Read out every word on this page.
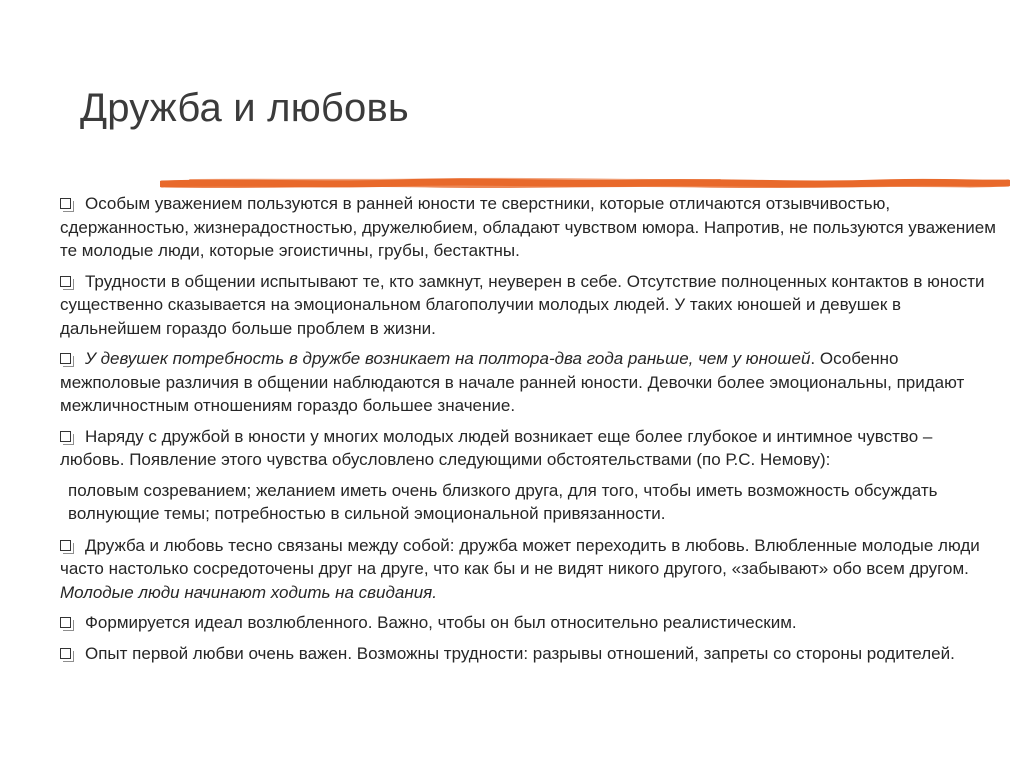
Дружба и любовь
Особым уважением пользуются в ранней юности те сверстники, которые отличаются отзывчивостью, сдержанностью, жизнерадостностью, дружелюбием, обладают чувством юмора. Напротив, не пользуются уважением те молодые люди, которые эгоистичны, грубы, бестактны.
Трудности в общении испытывают те, кто замкнут, неуверен в себе. Отсутствие полноценных контактов в юности существенно сказывается на эмоциональном благополучии молодых людей. У таких юношей и девушек в дальнейшем гораздо больше проблем в жизни.
У девушек потребность в дружбе возникает на полтора-два года раньше, чем у юношей. Особенно межполовые различия в общении наблюдаются в начале ранней юности. Девочки более эмоциональны, придают межличностным отношениям гораздо большее значение.
Наряду с дружбой в юности у многих молодых людей возникает еще более глубокое и интимное чувство – любовь. Появление этого чувства обусловлено следующими обстоятельствами (по Р.С. Немову):
половым созреванием; желанием иметь очень близкого друга, для того, чтобы иметь возможность обсуждать волнующие темы; потребностью в сильной эмоциональной привязанности.
Дружба и любовь тесно связаны между собой: дружба может переходить в любовь. Влюбленные молодые люди часто настолько сосредоточены друг на друге, что как бы и не видят никого другого, «забывают» обо всем другом. Молодые люди начинают ходить на свидания.
Формируется идеал возлюбленного. Важно, чтобы он был относительно реалистическим.
Опыт первой любви очень важен. Возможны трудности: разрывы отношений, запреты со стороны родителей.
